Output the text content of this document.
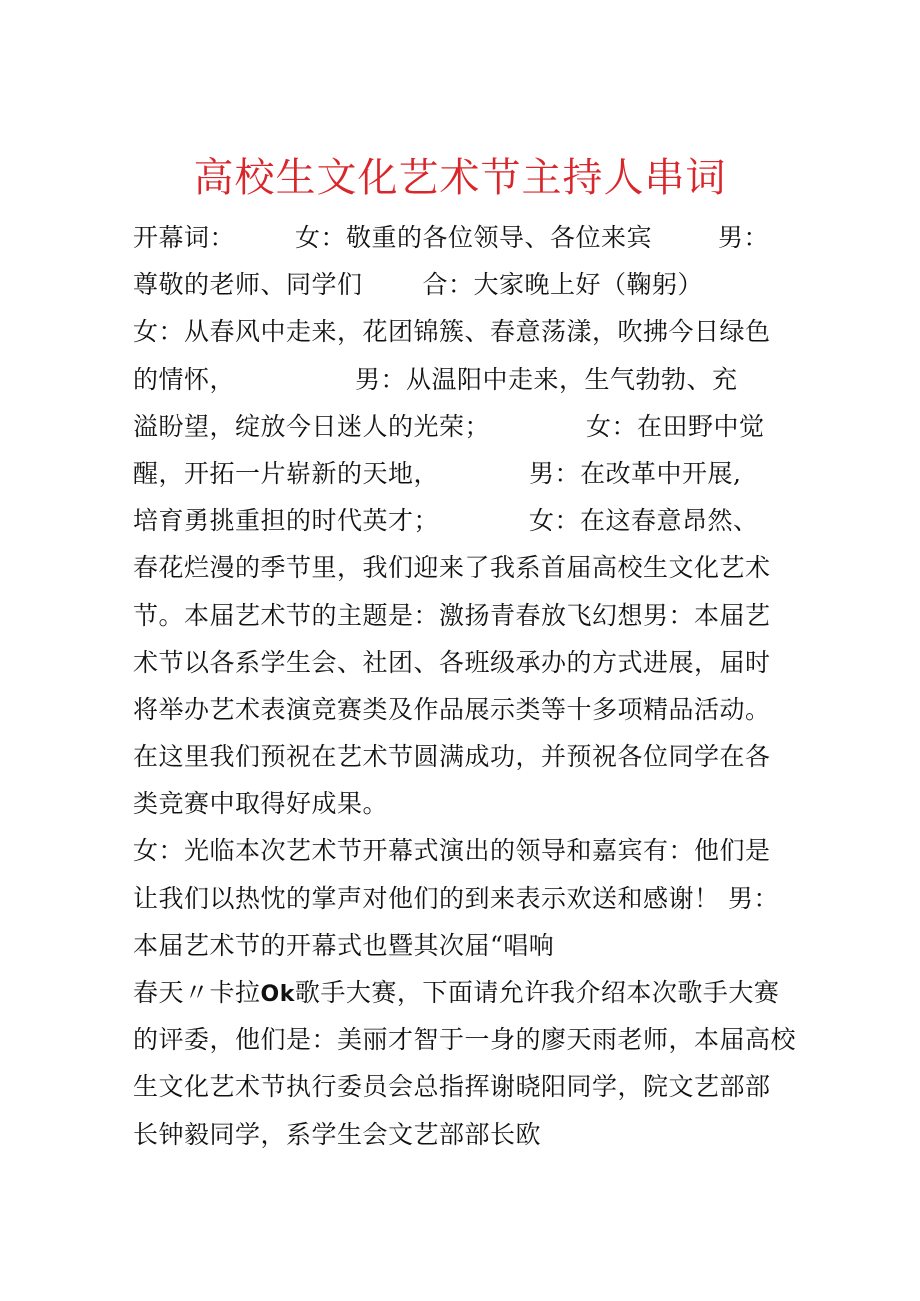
高校生文化艺术节主持人串词
开幕词： 女：敬重的各位领导、各位来宾	男：
尊敬的老师、同学们 合：大家晚上好（鞠躬）
女：从春风中走来，花团锦簇、春意荡漾，吹拂今日绿色
的情怀，	男：从温阳中走来，生气勃勃、充
溢盼望，绽放今日迷人的光荣；	女：在田野中觉
醒，开拓一片崭新的天地，	男：在改革中开展,
培育勇挑重担的时代英才；	女：在这春意昂然、
春花烂漫的季节里，我们迎来了我系首届高校生文化艺术
节。本届艺术节的主题是：激扬青春放飞幻想男：本届艺
术节以各系学生会、社团、各班级承办的方式进展，届时
将举办艺术表演竞赛类及作品展示类等十多项精品活动。
在这里我们预祝在艺术节圆满成功，并预祝各位同学在各
类竞赛中取得好成果。
女：光临本次艺术节开幕式演出的领导和嘉宾有：他们是
让我们以热忱的掌声对他们的到来表示欢送和感谢！ 男：
本届艺术节的开幕式也暨其次届“唱响
春天〃卡拉Ok歌手大赛，下面请允许我介绍本次歌手大赛
的评委，他们是：美丽才智于一身的廖天雨老师，本届高校
生文化艺术节执行委员会总指挥谢晓阳同学，院文艺部部
长钟毅同学，系学生会文艺部部长欧
